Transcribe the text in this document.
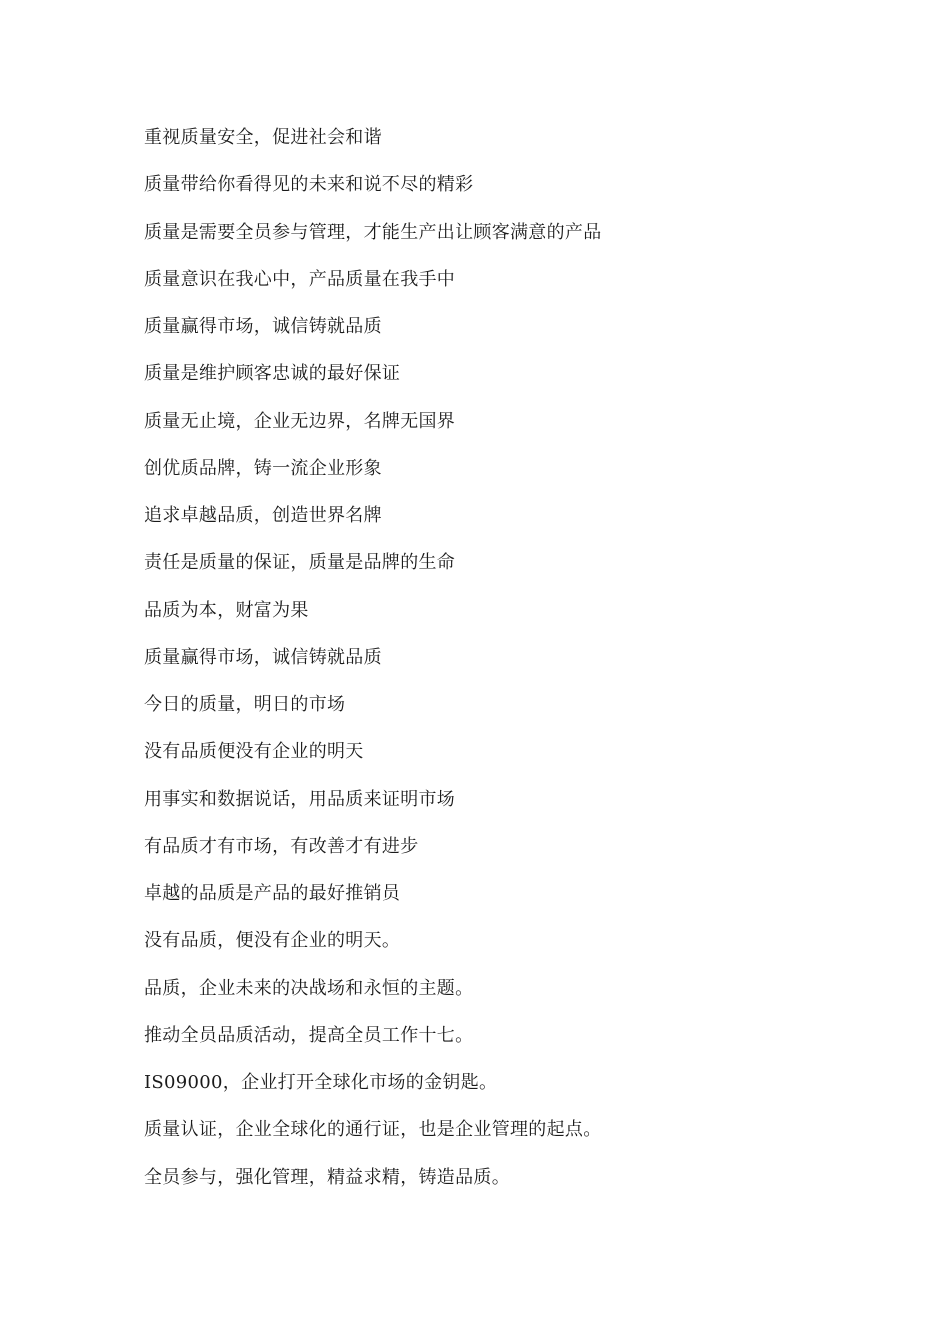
重视质量安全，促进社会和谐
质量带给你看得见的未来和说不尽的精彩
质量是需要全员参与管理，才能生产出让顾客满意的产品
质量意识在我心中，产品质量在我手中
质量赢得市场，诚信铸就品质
质量是维护顾客忠诚的最好保证
质量无止境，企业无边界，名牌无国界
创优质品牌，铸一流企业形象
追求卓越品质，创造世界名牌
责任是质量的保证，质量是品牌的生命
品质为本，财富为果
质量赢得市场，诚信铸就品质
今日的质量，明日的市场
没有品质便没有企业的明天
用事实和数据说话，用品质来证明市场
有品质才有市场，有改善才有进步
卓越的品质是产品的最好推销员
没有品质，便没有企业的明天。
品质，企业未来的决战场和永恒的主题。
推动全员品质活动，提高全员工作十七。
IS09000，企业打开全球化市场的金钥匙。
质量认证，企业全球化的通行证，也是企业管理的起点。
全员参与，强化管理，精益求精，铸造品质。
